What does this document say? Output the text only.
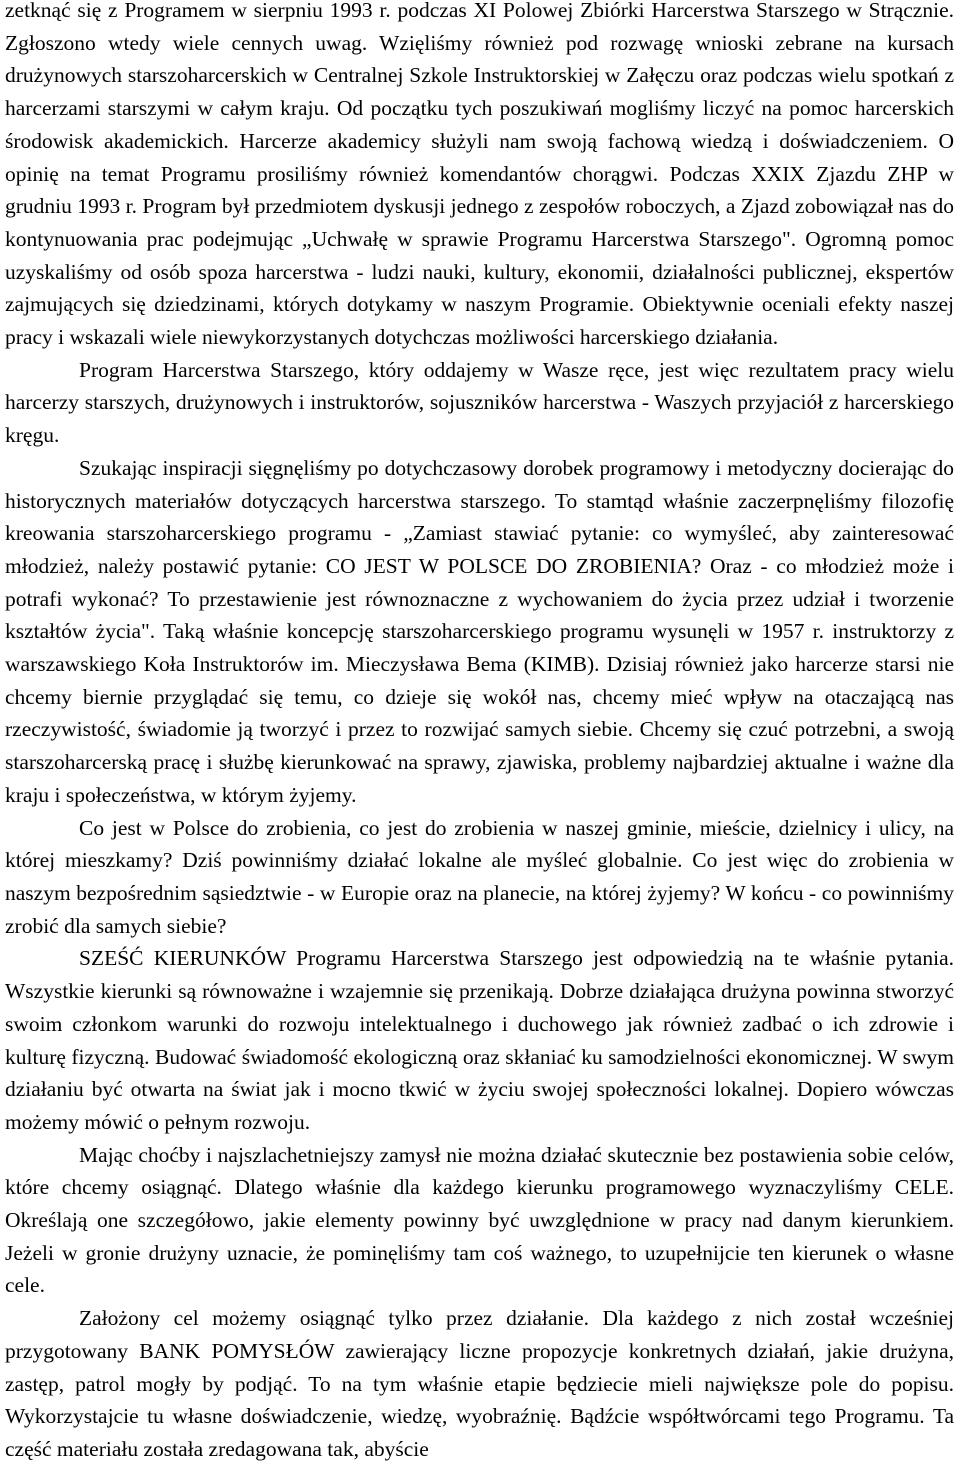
zetknąć się z Programem w sierpniu 1993 r. podczas XI Polowej Zbiórki Harcerstwa Starszego w Strącznie. Zgłoszono wtedy wiele cennych uwag. Wzięliśmy również pod rozwagę wnioski zebrane na kursach drużynowych starszoharcerskich w Centralnej Szkole Instruktorskiej w Załęczu oraz podczas wielu spotkań z harcerzami starszymi w całym kraju. Od początku tych poszukiwań mogliśmy liczyć na pomoc harcerskich środowisk akademickich. Harcerze akademicy służyli nam swoją fachową wiedzą i doświadczeniem. O opinię na temat Programu prosiliśmy również komendantów chorągwi. Podczas XXIX Zjazdu ZHP w grudniu 1993 r. Program był przedmiotem dyskusji jednego z zespołów roboczych, a Zjazd zobowiązał nas do kontynuowania prac podejmując „Uchwałę w sprawie Programu Harcerstwa Starszego". Ogromną pomoc uzyskaliśmy od osób spoza harcerstwa - ludzi nauki, kultury, ekonomii, działalności publicznej, ekspertów zajmujących się dziedzinami, których dotykamy w naszym Programie. Obiektywnie oceniali efekty naszej pracy i wskazali wiele niewykorzystanych dotychczas możliwości harcerskiego działania.

Program Harcerstwa Starszego, który oddajemy w Wasze ręce, jest więc rezultatem pracy wielu harcerzy starszych, drużynowych i instruktorów, sojuszników harcerstwa - Waszych przyjaciół z harcerskiego kręgu.

Szukając inspiracji sięgnęliśmy po dotychczasowy dorobek programowy i metodyczny docierając do historycznych materiałów dotyczących harcerstwa starszego. To stamtąd właśnie zaczerpnęliśmy filozofię kreowania starszoharcerskiego programu - „Zamiast stawiać pytanie: co wymyśleć, aby zainteresować młodzież, należy postawić pytanie: CO JEST W POLSCE DO ZROBIENIA? Oraz - co młodzież może i potrafi wykonać? To przestawienie jest równoznaczne z wychowaniem do życia przez udział i tworzenie kształtów życia". Taką właśnie koncepcję starszoharcerskiego programu wysunęli w 1957 r. instruktorzy z warszawskiego Koła Instruktorów im. Mieczysława Bema (KIMB). Dzisiaj również jako harcerze starsi nie chcemy biernie przyglądać się temu, co dzieje się wokół nas, chcemy mieć wpływ na otaczającą nas rzeczywistość, świadomie ją tworzyć i przez to rozwijać samych siebie. Chcemy się czuć potrzebni, a swoją starszoharcerską pracę i służbę kierunkować na sprawy, zjawiska, problemy najbardziej aktualne i ważne dla kraju i społeczeństwa, w którym żyjemy.

Co jest w Polsce do zrobienia, co jest do zrobienia w naszej gminie, mieście, dzielnicy i ulicy, na której mieszkamy? Dziś powinniśmy działać lokalne ale myśleć globalnie. Co jest więc do zrobienia w naszym bezpośrednim sąsiedztwie - w Europie oraz na planecie, na której żyjemy? W końcu - co powinniśmy zrobić dla samych siebie?

SZEŚĆ KIERUNKÓW Programu Harcerstwa Starszego jest odpowiedzią na te właśnie pytania. Wszystkie kierunki są równoważne i wzajemnie się przenikają. Dobrze działająca drużyna powinna stworzyć swoim członkom warunki do rozwoju intelektualnego i duchowego jak również zadbać o ich zdrowie i kulturę fizyczną. Budować świadomość ekologiczną oraz skłaniać ku samodzielności ekonomicznej. W swym działaniu być otwarta na świat jak i mocno tkwić w życiu swojej społeczności lokalnej. Dopiero wówczas możemy mówić o pełnym rozwoju.

Mając choćby i najszlachetniejszy zamysł nie można działać skutecznie bez postawienia sobie celów, które chcemy osiągnąć. Dlatego właśnie dla każdego kierunku programowego wyznaczyliśmy CELE. Określają one szczegółowo, jakie elementy powinny być uwzględnione w pracy nad danym kierunkiem. Jeżeli w gronie drużyny uznacie, że pominęliśmy tam coś ważnego, to uzupełnijcie ten kierunek o własne cele.

Założony cel możemy osiągnąć tylko przez działanie. Dla każdego z nich został wcześniej przygotowany BANK POMYSŁÓW zawierający liczne propozycje konkretnych działań, jakie drużyna, zastęp, patrol mogły by podjąć. To na tym właśnie etapie będziecie mieli największe pole do popisu. Wykorzystajcie tu własne doświadczenie, wiedzę, wyobraźnię. Bądźcie współtwórcami tego Programu. Ta część materiału została zredagowana tak, abyście
